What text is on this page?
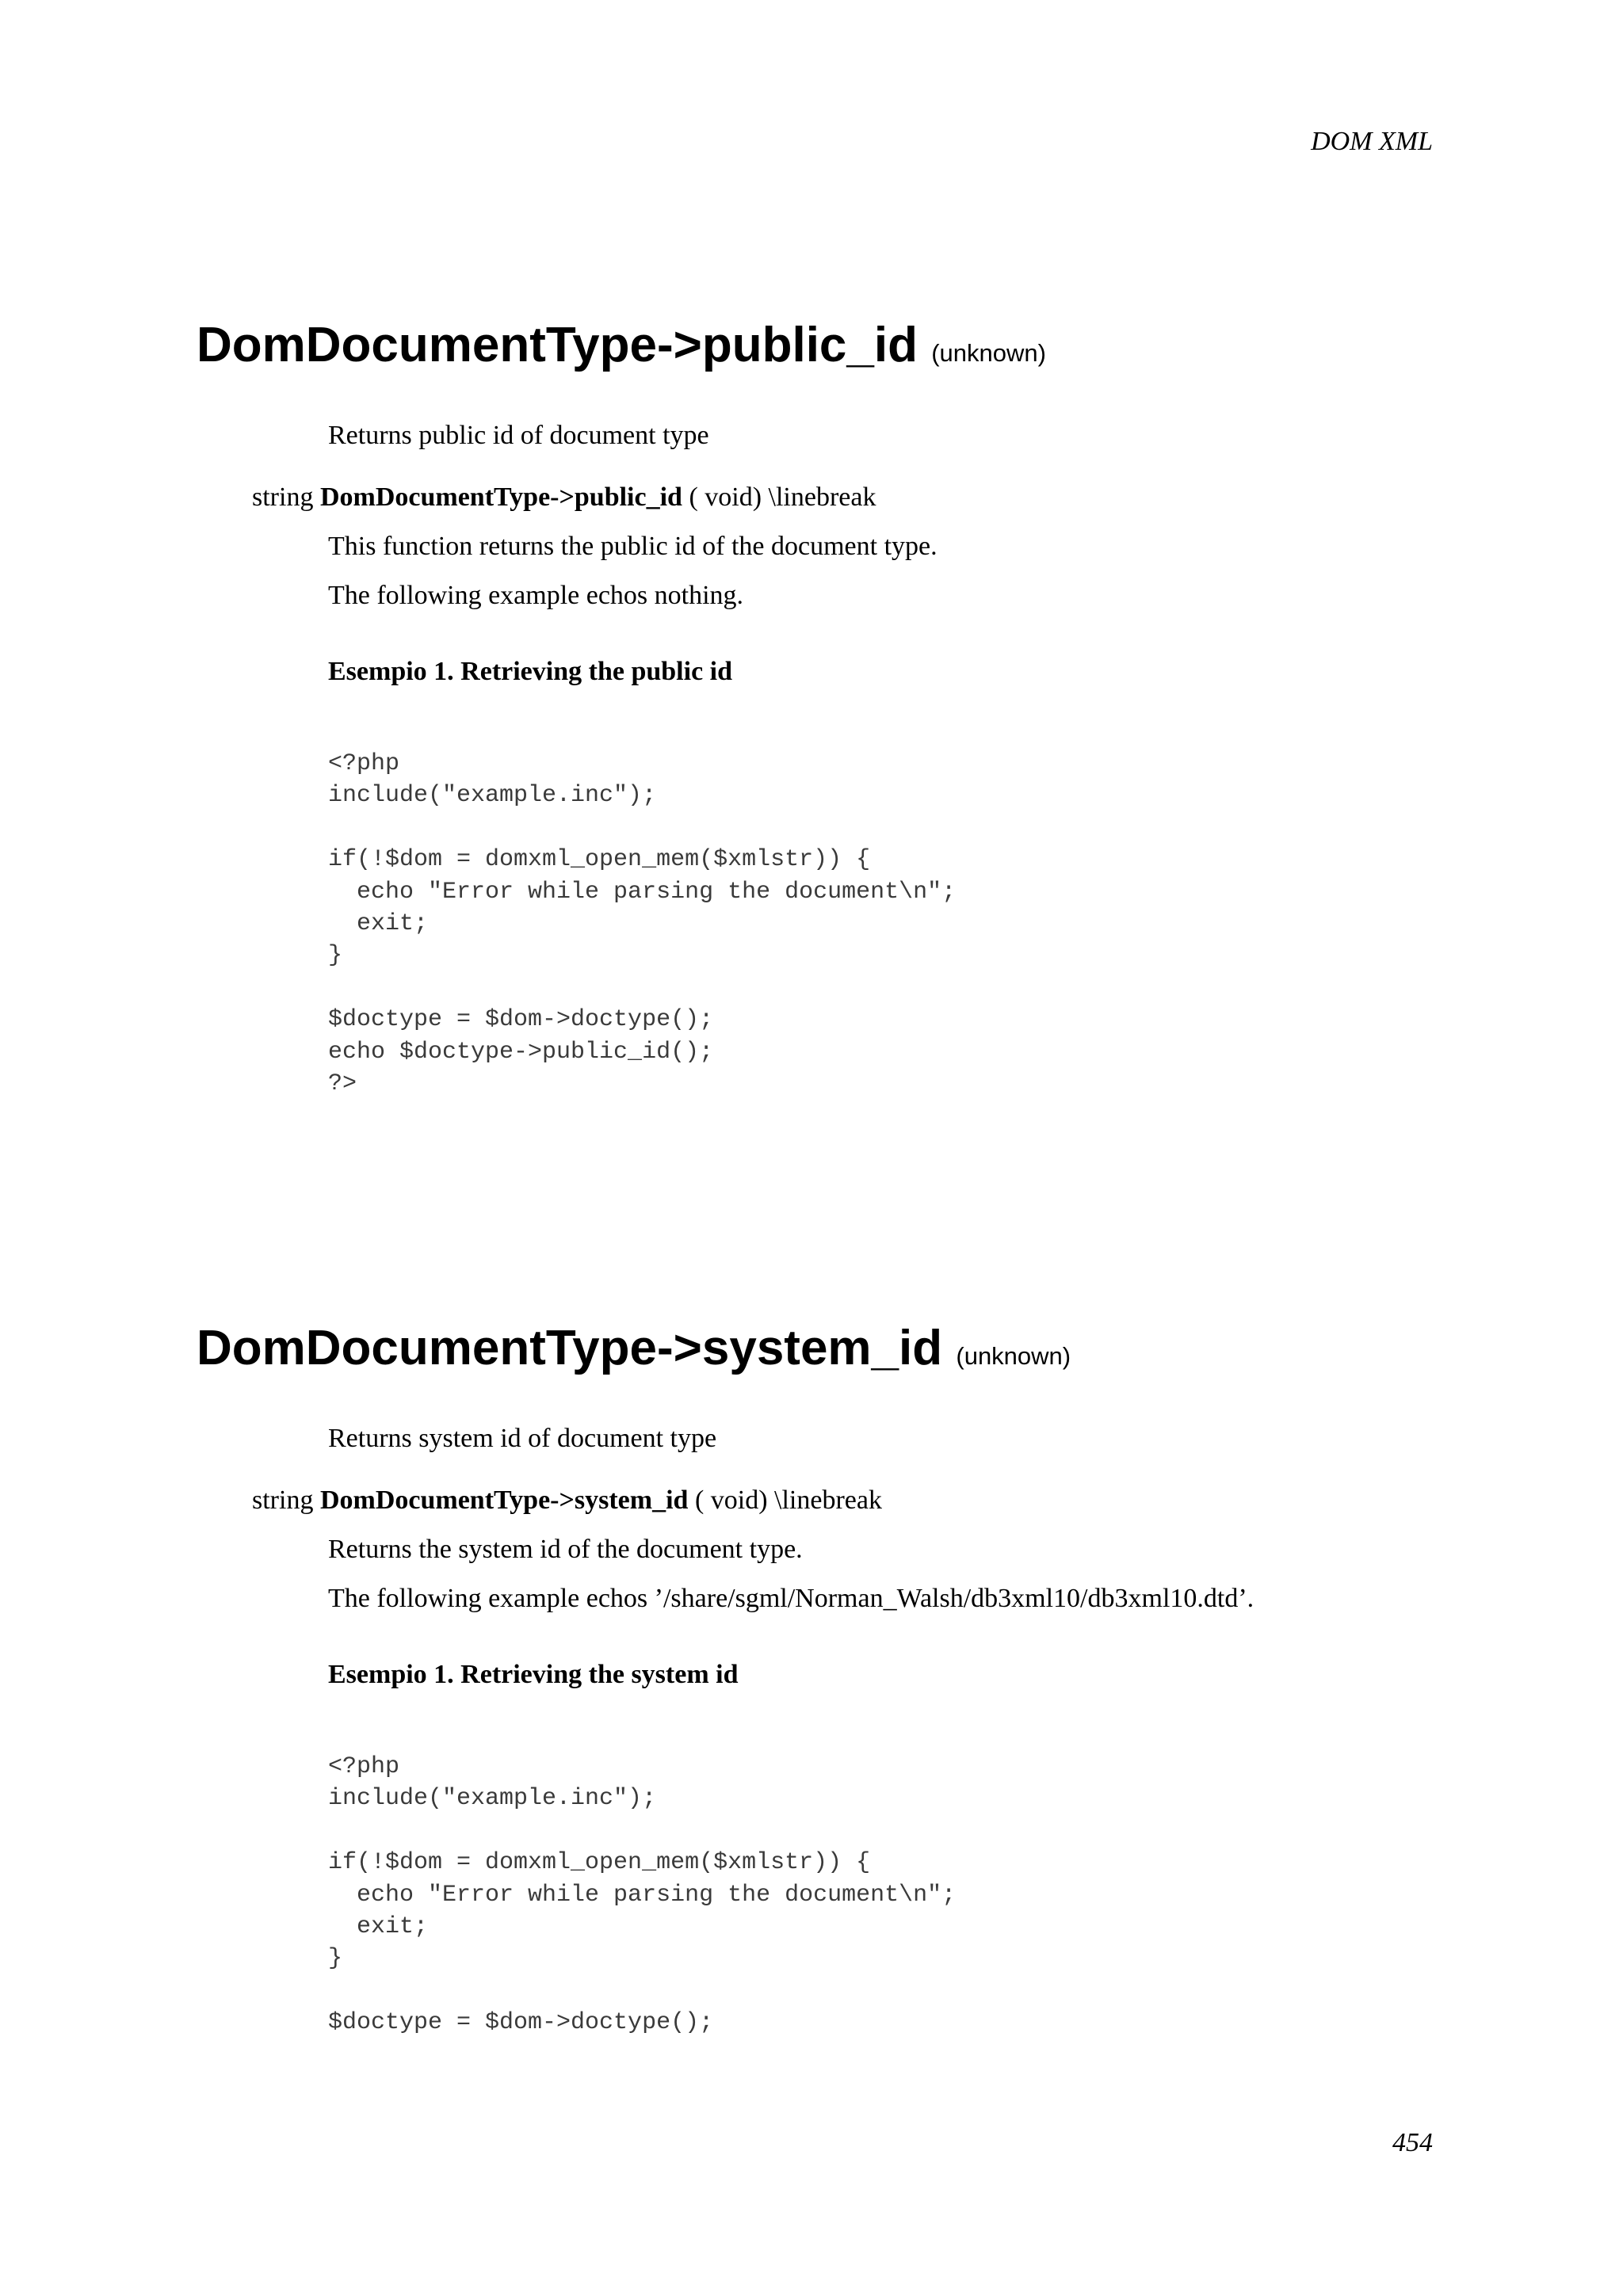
DOM XML
DomDocumentType->public_id (unknown)

Returns public id of document type

string DomDocumentType->public_id ( void) \linebreak

This function returns the public id of the document type.

The following example echos nothing.

Esempio 1. Retrieving the public id

<?php
include("example.inc");
if(!$dom = domxml_open_mem($xmlstr)) {
echo "Error while parsing the document\n";
exit;
}
$doctype = $dom->doctype();
echo $doctype->public_id();
?>
DomDocumentType->system_id (unknown)

Returns system id of document type

string DomDocumentType->system_id ( void) \linebreak

Returns the system id of the document type.

The following example echos ’/share/sgml/Norman_Walsh/db3xml10/db3xml10.dtd’.

Esempio 1. Retrieving the system id

<?php
include("example.inc");
if(!$dom = domxml_open_mem($xmlstr)) {
echo "Error while parsing the document\n";
exit;
}
$doctype = $dom->doctype();
454
